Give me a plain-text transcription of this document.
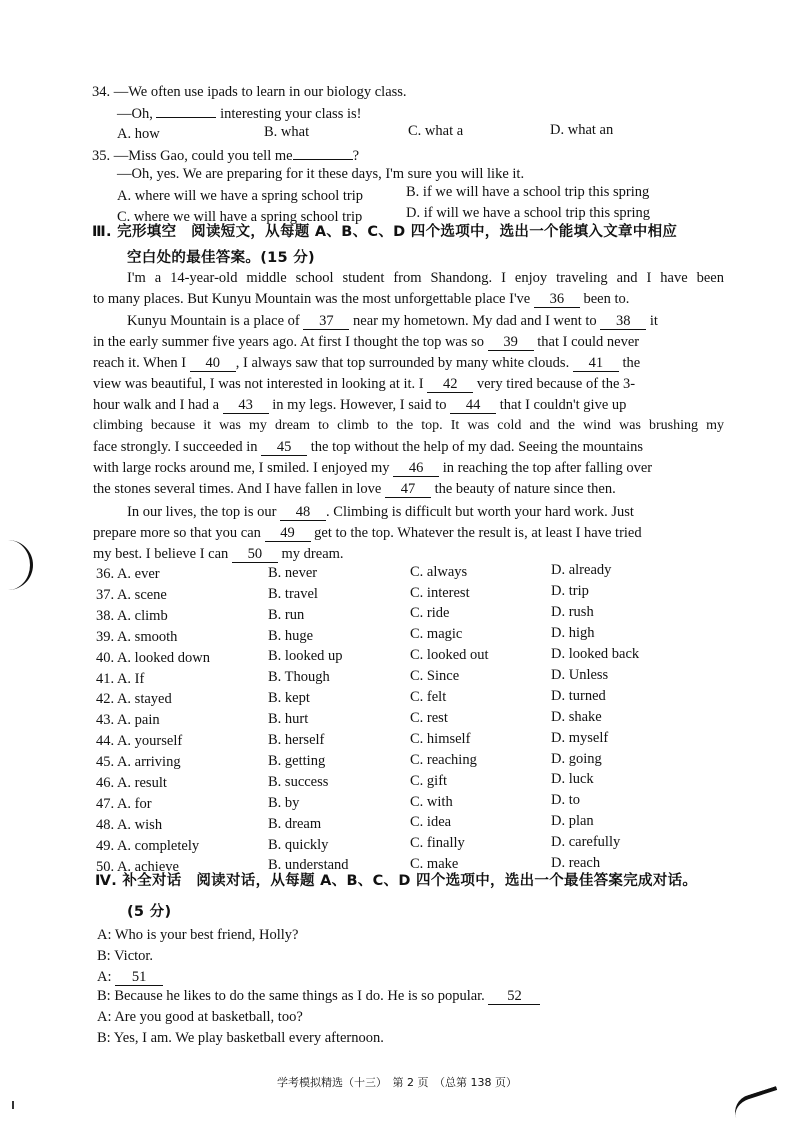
34. —We often use ipads to learn in our biology class.
—Oh,	interesting your class is!
A. how	B. what	C. what a	D. what an
35. —Miss Gao, could you tell me	?
—Oh, yes. We are preparing for it these days, I'm sure you will like it.
A. where will we have a spring school trip	B. if we will have a school trip this spring
C. where we will have a spring school trip	D. if will we have a school trip this spring
Ⅲ. 完形填空　阅读短文，从每题 A、B、C、D 四个选项中，选出一个能填入文章中相应
空白处的最佳答案。(15 分)
I'm a 14-year-old middle school student from Shandong. I enjoy traveling and I have been
to many places. But Kunyu Mountain was the most unforgettable place I've 36 been to.
Kunyu Mountain is a place of 37 near my hometown. My dad and I went to 38 it
in the early summer five years ago. At first I thought the top was so 39 that I could never
reach it. When I 40 , I always saw that top surrounded by many white clouds. 41 the
view was beautiful, I was not interested in looking at it. I 42 very tired because of the 3-
hour walk and I had a 43 in my legs. However, I said to 44 that I couldn't give up
climbing because it was my dream to climb to the top. It was cold and the wind was brushing my
face strongly. I succeeded in 45 the top without the help of my dad. Seeing the mountains
with large rocks around me, I smiled. I enjoyed my 46 in reaching the top after falling over
the stones several times. And I have fallen in love 47 the beauty of nature since then.
In our lives, the top is our 48 . Climbing is difficult but worth your hard work. Just
prepare more so that you can 49 get to the top. Whatever the result is, at least I have tried
my best. I believe I can 50 my dream.
36. A. ever	B. never	C. always	D. already
37. A. scene	B. travel	C. interest	D. trip
38. A. climb	B. run	C. ride	D. rush
39. A. smooth	B. huge	C. magic	D. high
40. A. looked down	B. looked up	C. looked out	D. looked back
41. A. If	B. Though	C. Since	D. Unless
42. A. stayed	B. kept	C. felt	D. turned
43. A. pain	B. hurt	C. rest	D. shake
44. A. yourself	B. herself	C. himself	D. myself
45. A. arriving	B. getting	C. reaching	D. going
46. A. result	B. success	C. gift	D. luck
47. A. for	B. by	C. with	D. to
48. A. wish	B. dream	C. idea	D. plan
49. A. completely	B. quickly	C. finally	D. carefully
50. A. achieve	B. understand	C. make	D. reach
Ⅳ. 补全对话　阅读对话，从每题 A、B、C、D 四个选项中，选出一个最佳答案完成对话。
(5 分)
A: Who is your best friend, Holly?
B: Victor.
A: 51
B: Because he likes to do the same things as I do. He is so popular. 52
A: Are you good at basketball, too?
B: Yes, I am. We play basketball every afternoon.
学考模拟精选（十三）　第 2 页　（总第 138 页）
